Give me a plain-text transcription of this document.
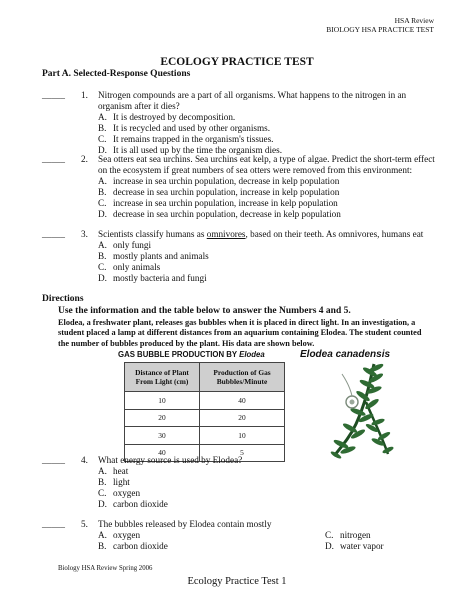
HSA Review
BIOLOGY HSA PRACTICE TEST
ECOLOGY PRACTICE TEST
Part A. Selected-Response Questions
_____ 1. Nitrogen compounds are a part of all organisms. What happens to the nitrogen in an organism after it dies?
A. It is destroyed by decomposition.
B. It is recycled and used by other organisms.
C. It remains trapped in the organism's tissues.
D. It is all used up by the time the organism dies.
_____ 2. Sea otters eat sea urchins. Sea urchins eat kelp, a type of algae. Predict the short-term effect on the ecosystem if great numbers of sea otters were removed from this environment:
A. increase in sea urchin population, decrease in kelp population
B. decrease in sea urchin population, increase in kelp population
C. increase in sea urchin population, increase in kelp population
D. decrease in sea urchin population, decrease in kelp population
_____ 3. Scientists classify humans as omnivores, based on their teeth. As omnivores, humans eat
A. only fungi
B. mostly plants and animals
C. only animals
D. mostly bacteria and fungi
Directions
Use the information and the table below to answer the Numbers 4 and 5.
Elodea, a freshwater plant, releases gas bubbles when it is placed in direct light. In an investigation, a student placed a lamp at different distances from an aquarium containing Elodea. The student counted the number of bubbles produced by the plant. His data are shown below.
GAS BUBBLE PRODUCTION BY Elodea
Distance of Plant From Light (cm)	Production of Gas Bubbles/Minute
10	40
20	20
30	10
40	5
Elodea canadensis
_____ 4. What energy source is used by Elodea?
A. heat
B. light
C. oxygen
D. carbon dioxide
_____ 5. The bubbles released by Elodea contain mostly
A. oxygen	C. nitrogen
B. carbon dioxide	D. water vapor
Biology HSA Review Spring 2006
Ecology Practice Test 1
